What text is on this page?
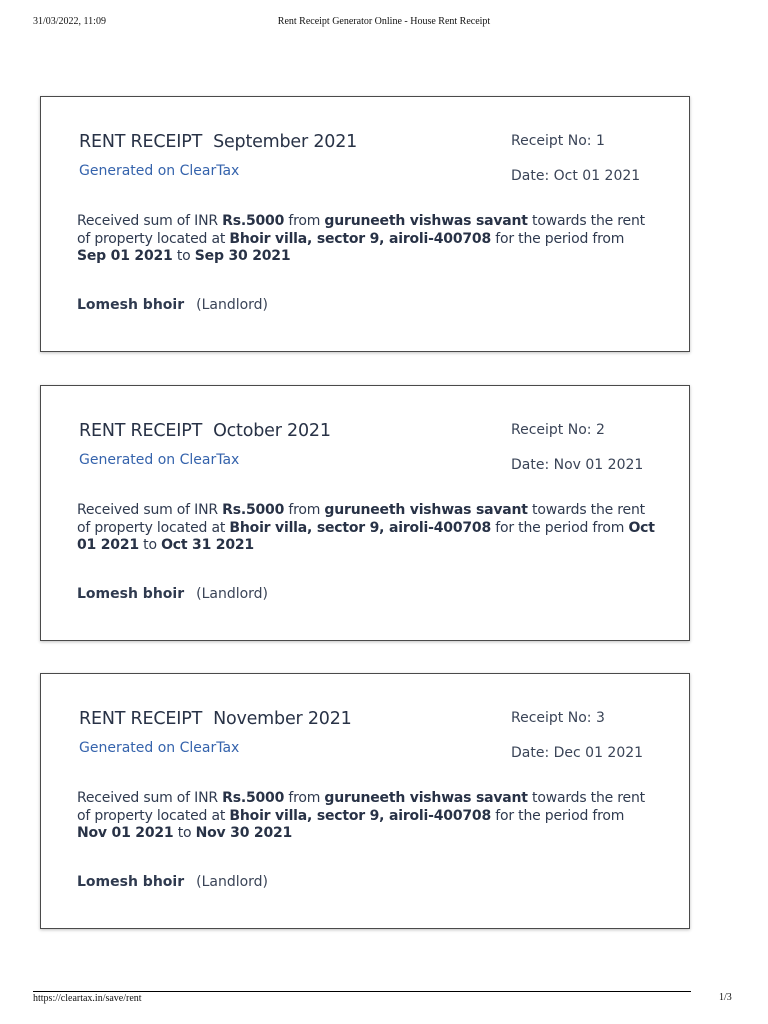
31/03/2022, 11:09	Rent Receipt Generator Online - House Rent Receipt
RENT RECEIPT September 2021
Generated on ClearTax
Receipt No: 1
Date: Oct 01 2021
Received sum of INR Rs.5000 from guruneeth vishwas savant towards the rent of property located at Bhoir villa, sector 9, airoli-400708 for the period from Sep 01 2021 to Sep 30 2021
Lomesh bhoir (Landlord)
RENT RECEIPT October 2021
Generated on ClearTax
Receipt No: 2
Date: Nov 01 2021
Received sum of INR Rs.5000 from guruneeth vishwas savant towards the rent of property located at Bhoir villa, sector 9, airoli-400708 for the period from Oct 01 2021 to Oct 31 2021
Lomesh bhoir (Landlord)
RENT RECEIPT November 2021
Generated on ClearTax
Receipt No: 3
Date: Dec 01 2021
Received sum of INR Rs.5000 from guruneeth vishwas savant towards the rent of property located at Bhoir villa, sector 9, airoli-400708 for the period from Nov 01 2021 to Nov 30 2021
Lomesh bhoir (Landlord)
https://cleartax.in/save/rent	1/3
